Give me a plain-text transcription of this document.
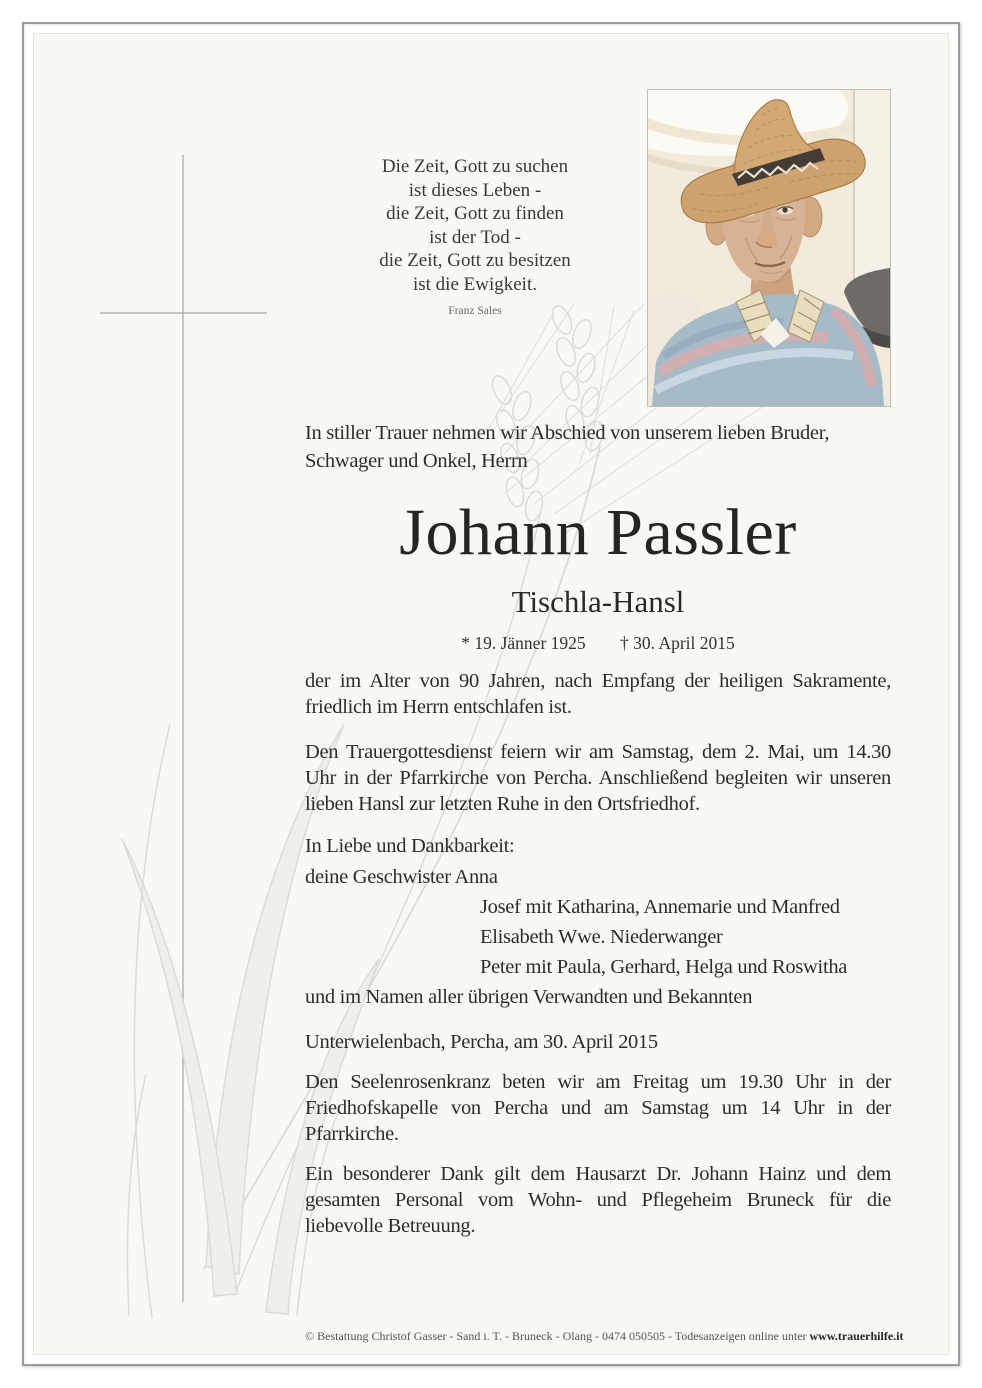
Die Zeit, Gott zu suchen
ist dieses Leben -
die Zeit, Gott zu finden
ist der Tod -
die Zeit, Gott zu besitzen
ist die Ewigkeit.
Franz Sales
In stiller Trauer nehmen wir Abschied von unserem lieben Bruder, Schwager und Onkel, Herrn
Johann Passler
Tischla-Hansl
* 19. Jänner 1925 † 30. April 2015
der im Alter von 90 Jahren, nach Empfang der heiligen Sakramente, friedlich im Herrn entschlafen ist.
Den Trauergottesdienst feiern wir am Samstag, dem 2. Mai, um 14.30 Uhr in der Pfarrkirche von Percha. Anschließend begleiten wir unseren lieben Hansl zur letzten Ruhe in den Ortsfriedhof.
In Liebe und Dankbarkeit:
deine Geschwister Anna
Josef mit Katharina, Annemarie und Manfred
Elisabeth Wwe. Niederwanger
Peter mit Paula, Gerhard, Helga und Roswitha
und im Namen aller übrigen Verwandten und Bekannten
Unterwielenbach, Percha, am 30. April 2015
Den Seelenrosenkranz beten wir am Freitag um 19.30 Uhr in der Friedhofskapelle von Percha und am Samstag um 14 Uhr in der Pfarrkirche.
Ein besonderer Dank gilt dem Hausarzt Dr. Johann Hainz und dem gesamten Personal vom Wohn- und Pflegeheim Bruneck für die liebevolle Betreuung.
© Bestattung Christof Gasser - Sand i. T. - Bruneck - Olang - 0474 050505 - Todesanzeigen online unter www.trauerhilfe.it
